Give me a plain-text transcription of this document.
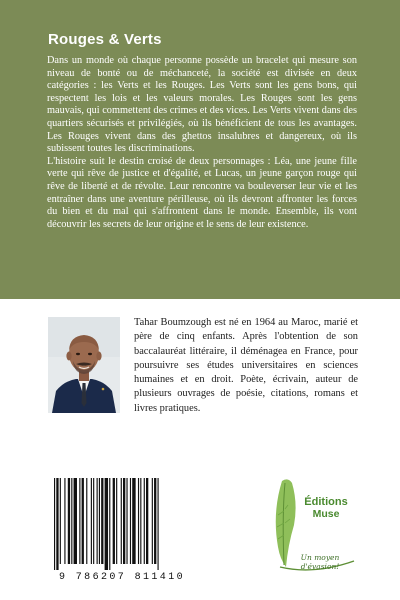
Rouges & Verts

Dans un monde où chaque personne possède un bracelet qui mesure son niveau de bonté ou de méchanceté, la société est divisée en deux catégories : les Verts et les Rouges. Les Verts sont les gens bons, qui respectent les lois et les valeurs morales. Les Rouges sont les gens mauvais, qui commettent des crimes et des vices. Les Verts vivent dans des quartiers sécurisés et privilégiés, où ils bénéficient de tous les avantages. Les Rouges vivent dans des ghettos insalubres et dangereux, où ils subissent toutes les discriminations.

L'histoire suit le destin croisé de deux personnages : Léa, une jeune fille verte qui rêve de justice et d'égalité, et Lucas, un jeune garçon rouge qui rêve de liberté et de révolte. Leur rencontre va bouleverser leur vie et les entraîner dans une aventure périlleuse, où ils devront affronter les forces du bien et du mal qui s'affrontent dans le monde. Ensemble, ils vont découvrir les secrets de leur origine et le sens de leur existence.

Tahar Boumzough est né en 1964 au Maroc, marié et père de cinq enfants. Après l'obtention de son baccalauréat littéraire, il déménagea en France, pour poursuivre ses études universitaires en sciences humaines et en droit. Poète, écrivain, auteur de plusieurs ouvrages de poésie, citations, romans et livres pratiques.

9 786207 811410
Éditions
Muse
Un moyen d'évasion!
